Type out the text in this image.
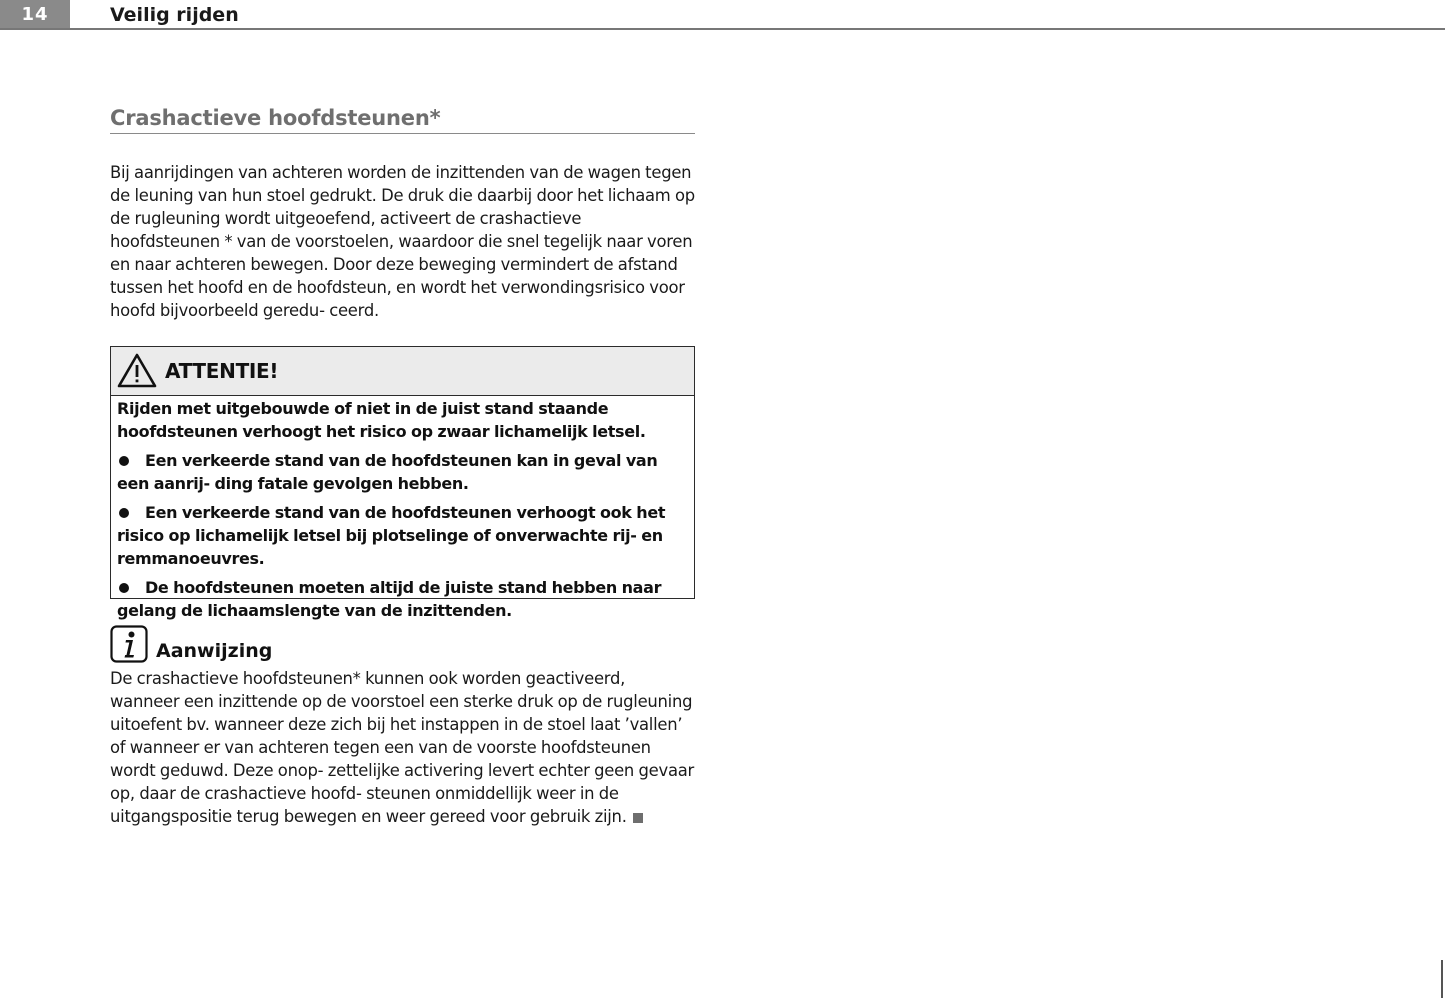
14	Veilig rijden
Crashactieve hoofdsteunen*

Bij aanrijdingen van achteren worden de inzittenden van de wagen tegen de leuning van hun stoel gedrukt. De druk die daarbij door het lichaam op de rugleuning wordt uitgeoefend, activeert de crashactieve hoofdsteunen * van de voorstoelen, waardoor die snel tegelijk naar voren en naar achteren bewegen. Door deze beweging vermindert de afstand tussen het hoofd en de hoofdsteun, en wordt het verwondingsrisico voor hoofd bijvoorbeeld geredu- ceerd.

ATTENTIE!

Rijden met uitgebouwde of niet in de juist stand staande hoofdsteunen verhoogt het risico op zwaar lichamelijk letsel.

Een verkeerde stand van de hoofdsteunen kan in geval van een aanrij- ding fatale gevolgen hebben.

Een verkeerde stand van de hoofdsteunen verhoogt ook het risico op lichamelijk letsel bij plotselinge of onverwachte rij- en remmanoeuvres.

De hoofdsteunen moeten altijd de juiste stand hebben naar gelang de lichaamslengte van de inzittenden.

Aanwijzing

De crashactieve hoofdsteunen* kunnen ook worden geactiveerd, wanneer een inzittende op de voorstoel een sterke druk op de rugleuning uitoefent bv. wanneer deze zich bij het instappen in de stoel laat ’vallen’ of wanneer er van achteren tegen een van de voorste hoofdsteunen wordt geduwd. Deze onop- zettelijke activering levert echter geen gevaar op, daar de crashactieve hoofd- steunen onmiddellijk weer in de uitgangspositie terug bewegen en weer gereed voor gebruik zijn.
